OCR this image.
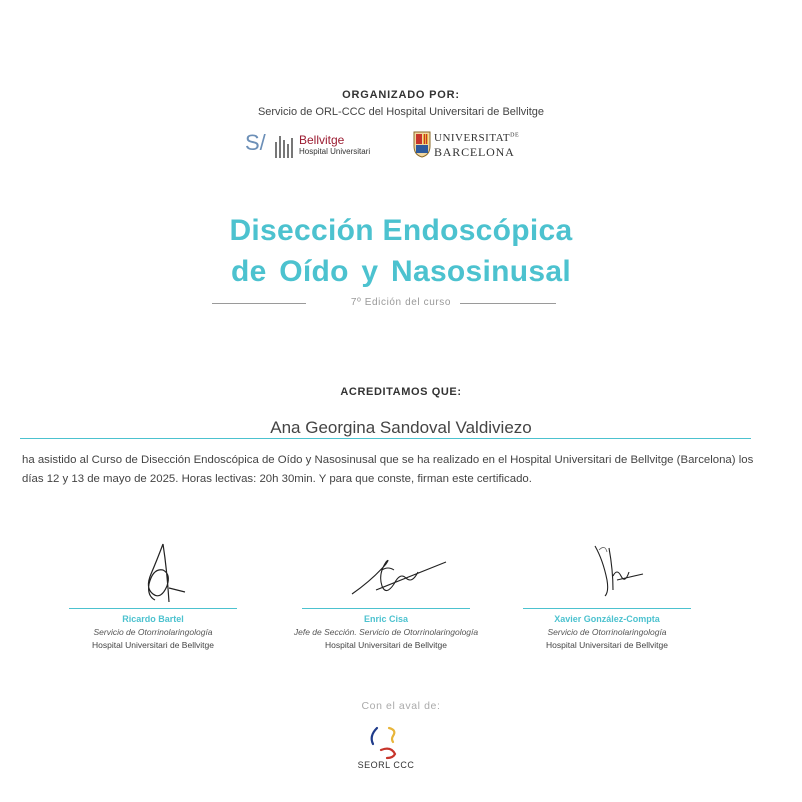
ORGANIZADO POR:
Servicio de ORL-CCC del Hospital Universitari de Bellvitge
S/	Bellvitge
Hospital Universitari
$UNIVERSITAT^{DE}$
BARCELONA
Disección Endoscópica
de Oído y Nasosinusal
7º Edición del curso
ACREDITAMOS QUE:
Ana Georgina Sandoval Valdiviezo
ha asistido al Curso de Disección Endoscópica de Oído y Nasosinusal que se ha realizado en el Hospital Universitari de Bellvitge (Barcelona) los días 12 y 13 de mayo de 2025. Horas lectivas: 20h 30min. Y para que conste, firman este certificado.
Ricardo Bartel
Servicio de Otorrinolaringología
Hospital Universitari de Bellvitge
Enric Cisa
Jefe de Sección. Servicio de Otorrinolaringología
Hospital Universitari de Bellvitge
Xavier González-Compta
Servicio de Otorrinolaringología
Hospital Universitari de Bellvitge
Con el aval de:
SEORL CCC
